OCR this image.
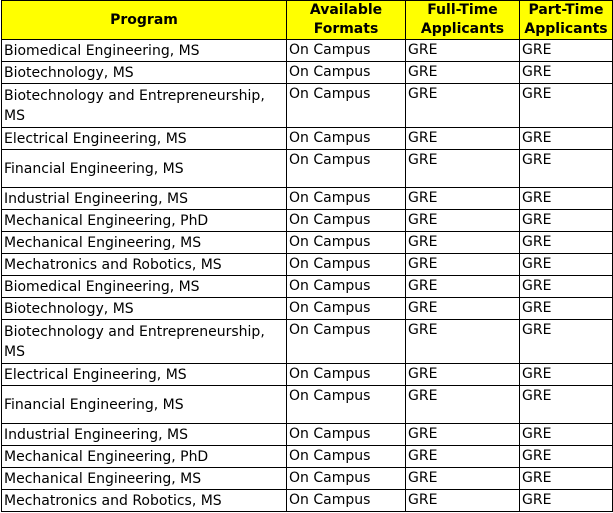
Program	Available Formats	Full-Time Applicants	Part-Time Applicants
Biomedical Engineering, MS	On Campus	GRE	GRE
Biotechnology, MS	On Campus	GRE	GRE
Biotechnology and Entrepreneurship, MS	On Campus	GRE	GRE
Electrical Engineering, MS	On Campus	GRE	GRE
Financial Engineering, MS	On Campus	GRE	GRE
Industrial Engineering, MS	On Campus	GRE	GRE
Mechanical Engineering, PhD	On Campus	GRE	GRE
Mechanical Engineering, MS	On Campus	GRE	GRE
Mechatronics and Robotics, MS	On Campus	GRE	GRE
Biomedical Engineering, MS	On Campus	GRE	GRE
Biotechnology, MS	On Campus	GRE	GRE
Biotechnology and Entrepreneurship, MS	On Campus	GRE	GRE
Electrical Engineering, MS	On Campus	GRE	GRE
Financial Engineering, MS	On Campus	GRE	GRE
Industrial Engineering, MS	On Campus	GRE	GRE
Mechanical Engineering, PhD	On Campus	GRE	GRE
Mechanical Engineering, MS	On Campus	GRE	GRE
Mechatronics and Robotics, MS	On Campus	GRE	GRE
